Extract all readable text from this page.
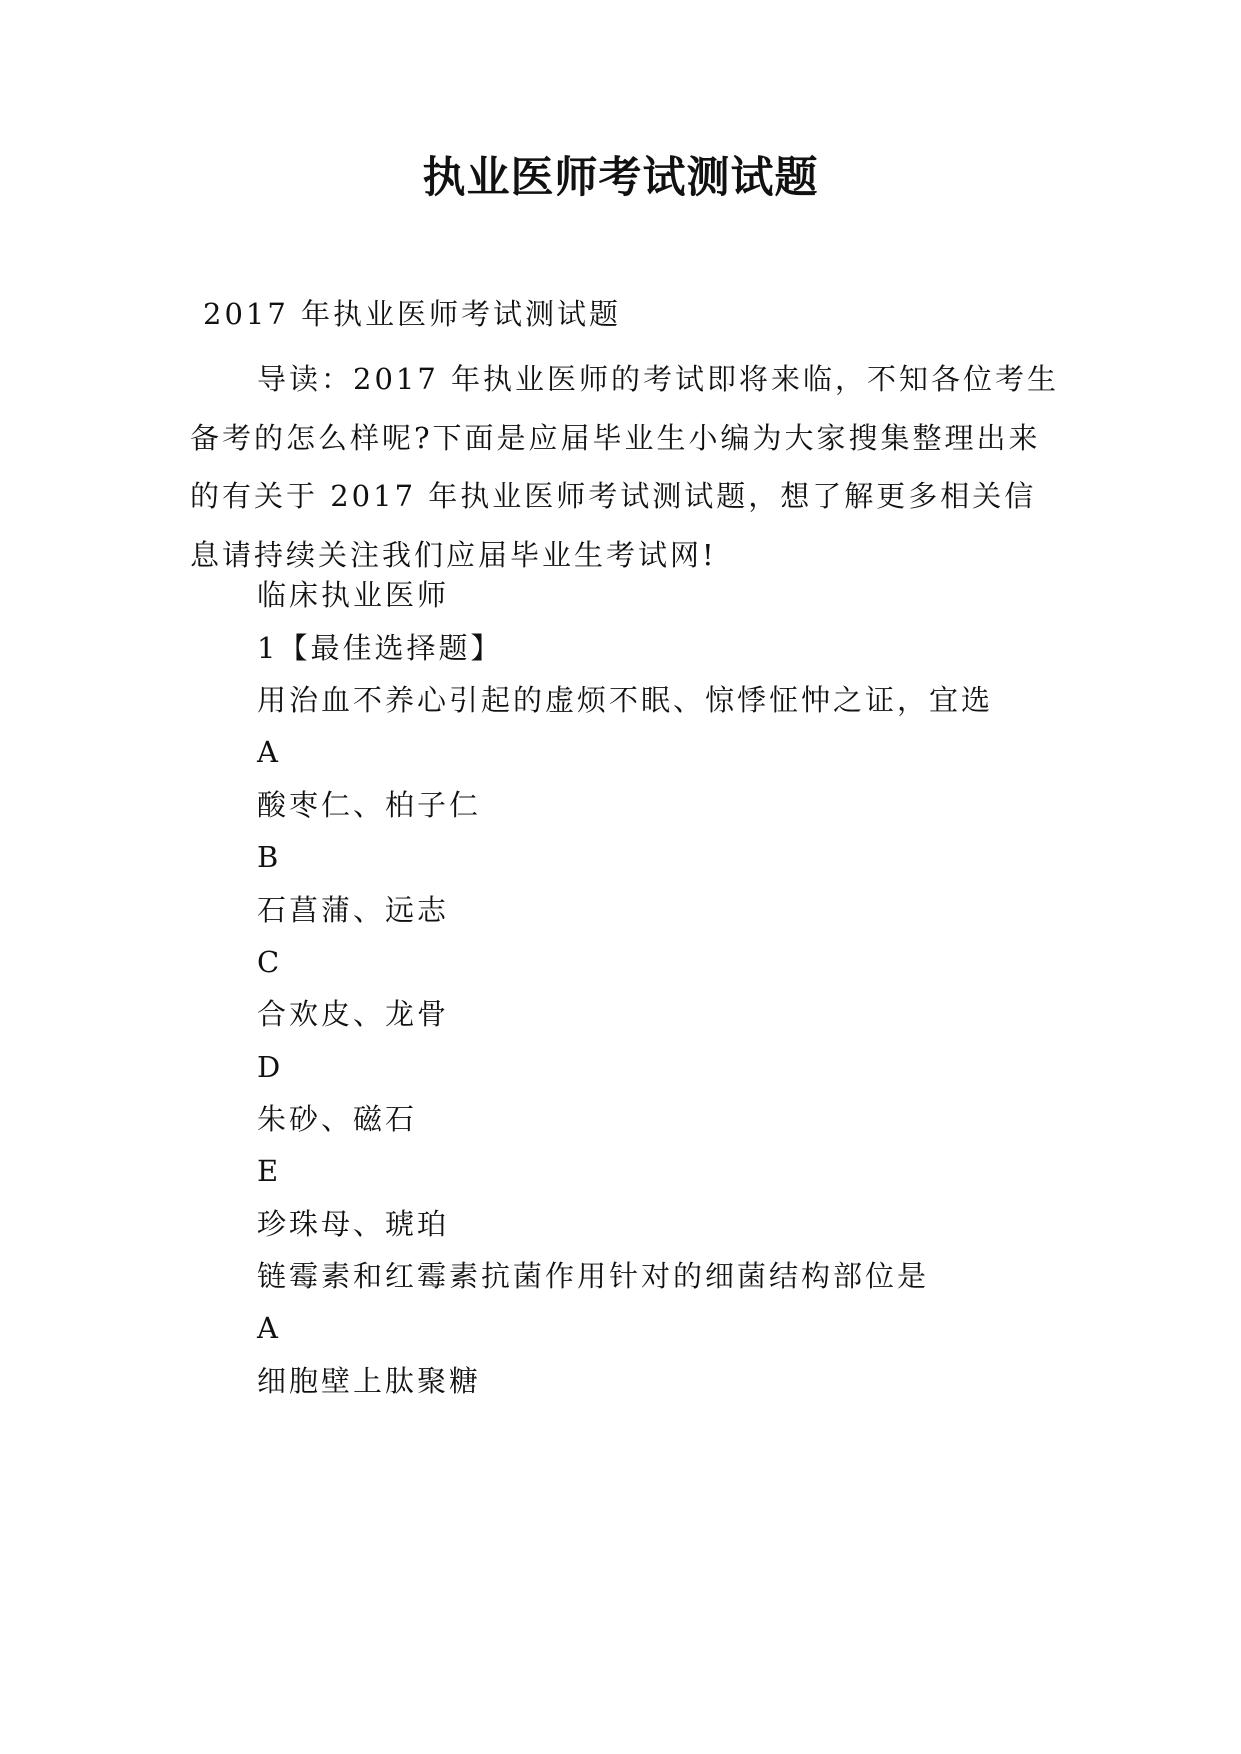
执业医师考试测试题
2017 年执业医师考试测试题

导读：2017 年执业医师的考试即将来临，不知各位考生备考的怎么样呢?下面是应届毕业生小编为大家搜集整理出来的有关于 2017 年执业医师考试测试题，想了解更多相关信息请持续关注我们应届毕业生考试网!

临床执业医师
1【最佳选择题】
用治血不养心引起的虚烦不眠、惊悸怔忡之证，宜选
A
酸枣仁、柏子仁
B
石菖蒲、远志
C
合欢皮、龙骨
D
朱砂、磁石
E
珍珠母、琥珀
链霉素和红霉素抗菌作用针对的细菌结构部位是
A
细胞壁上肽聚糖
